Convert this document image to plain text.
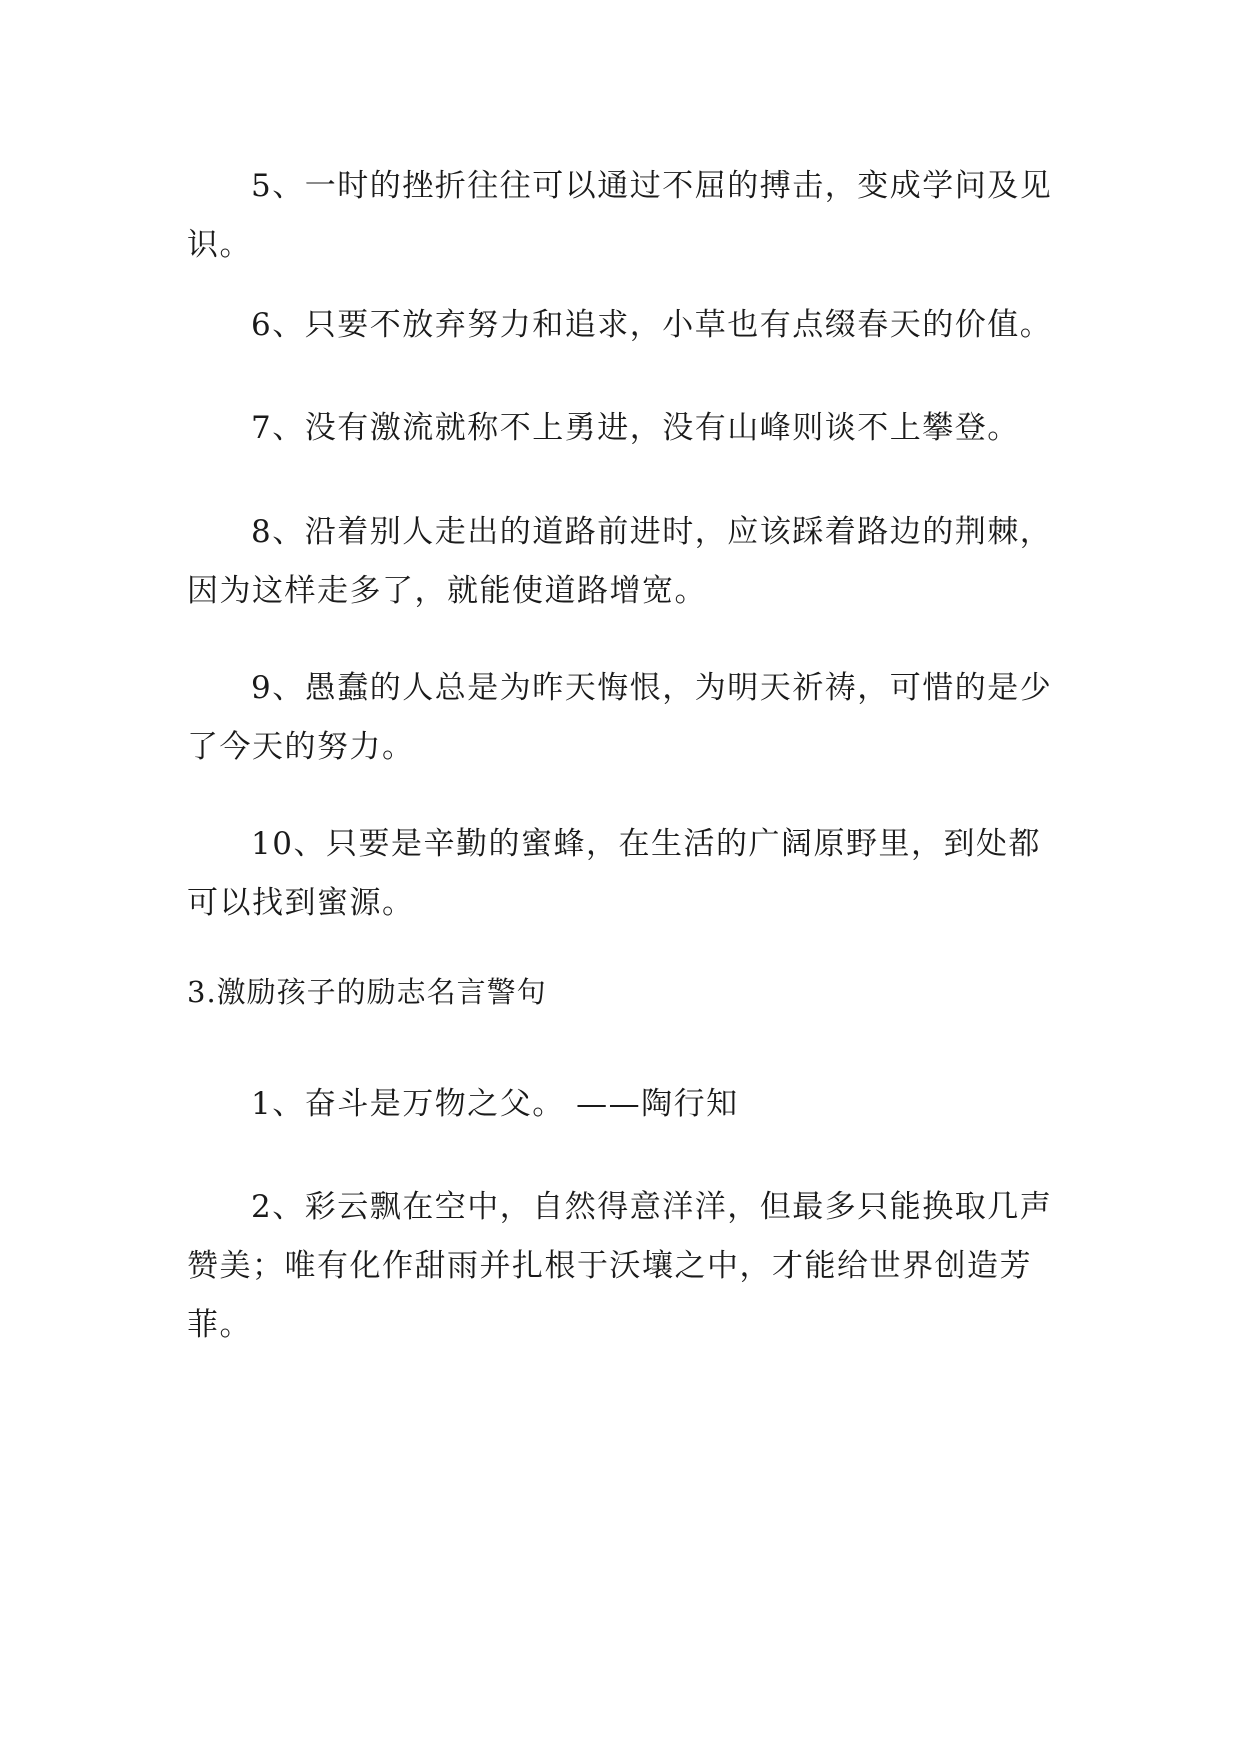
5、一时的挫折往往可以通过不屈的搏击，变成学问及见识。

6、只要不放弃努力和追求，小草也有点缀春天的价值。

7、没有激流就称不上勇进，没有山峰则谈不上攀登。

8、沿着别人走出的道路前进时，应该踩着路边的荆棘，因为这样走多了，就能使道路增宽。

9、愚蠢的人总是为昨天悔恨，为明天祈祷，可惜的是少了今天的努力。

10、只要是辛勤的蜜蜂，在生活的广阔原野里，到处都可以找到蜜源。

3.激励孩子的励志名言警句

1、奋斗是万物之父。 ——陶行知

2、彩云飘在空中，自然得意洋洋，但最多只能换取几声赞美；唯有化作甜雨并扎根于沃壤之中，才能给世界创造芳菲。
